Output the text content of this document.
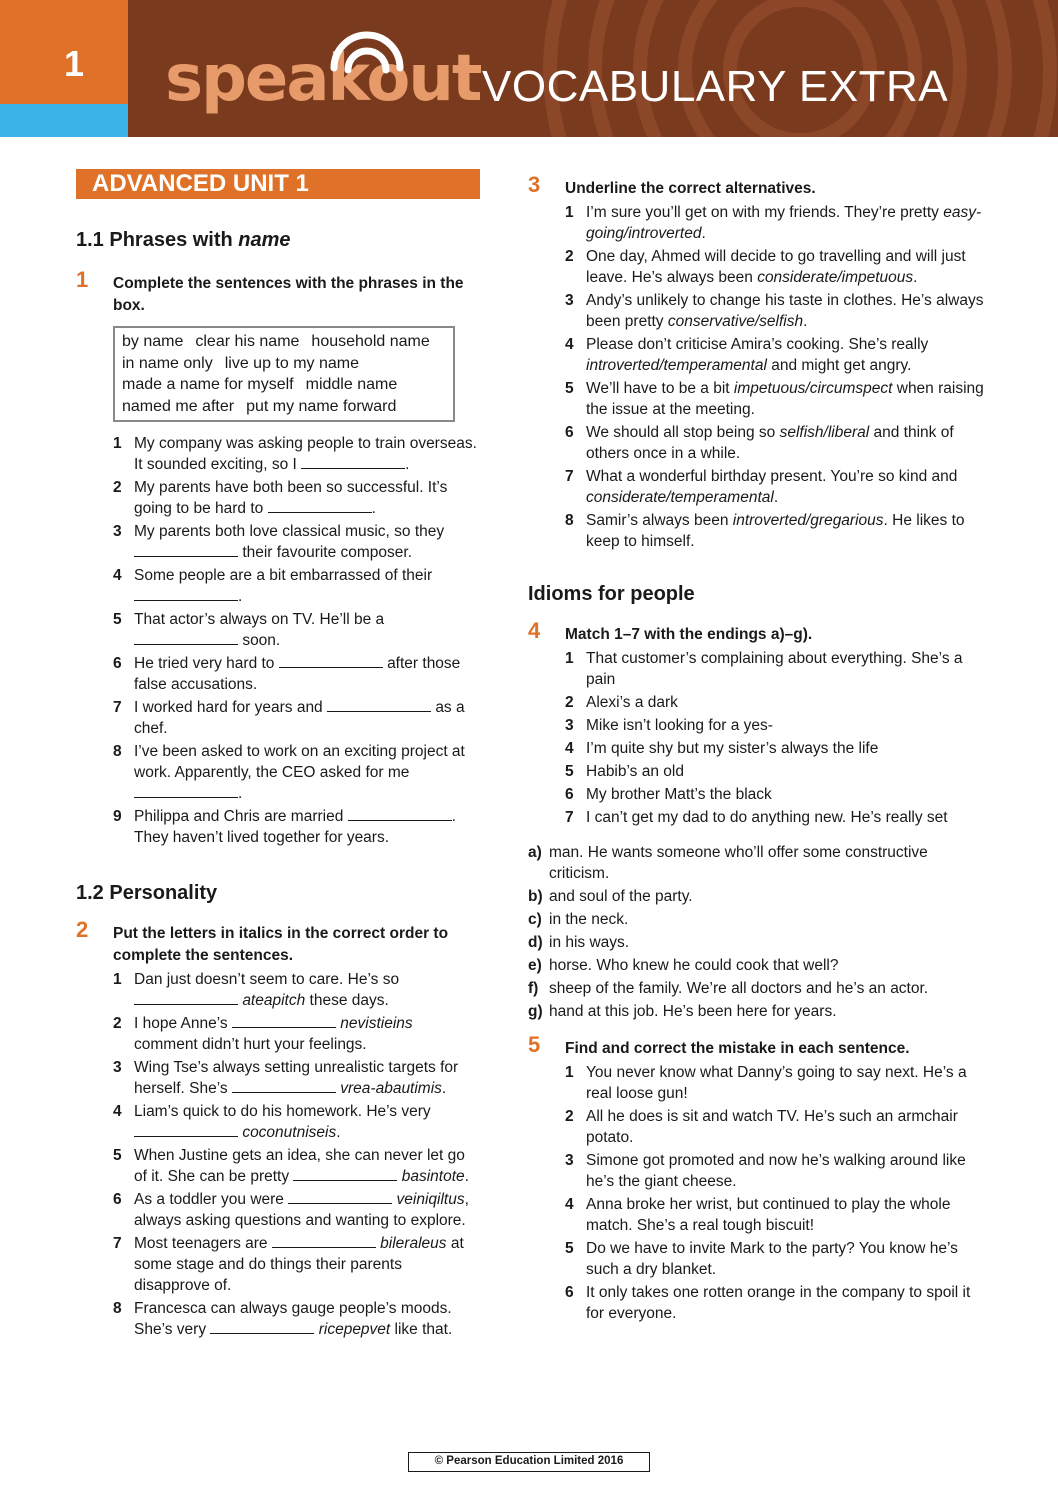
1 speakout VOCABULARY EXTRA
ADVANCED UNIT 1
1.1 Phrases with name
1	Complete the sentences with the phrases in the box.
by name clear his name household name
in name only live up to my name
made a name for myself middle name
named me after put my name forward
1 My company was asking people to train overseas. It sounded exciting, so I	.
2 My parents have both been so successful. It’s going to be hard to	.
3 My parents both love classical music, so they  their favourite composer.
4 Some people are a bit embarrassed of their .
5 That actor’s always on TV. He’ll be a  soon.
6 He tried very hard to	after those false accusations.
7 I worked hard for years and	as a chef.
8 I’ve been asked to work on an exciting project at work. Apparently, the CEO asked for me .
9 Philippa and Chris are married	. They haven’t lived together for years.
1.2 Personality
2	Put the letters in italics in the correct order to complete the sentences.
1 Dan just doesn’t seem to care. He’s so  ateapitch these days.
2 I hope Anne’s	nevistieins comment didn’t hurt your feelings.
3 Wing Tse’s always setting unrealistic targets for herself. She’s	vrea-abautimis.
4 Liam’s quick to do his homework. He’s very  coconutniseis.
5 When Justine gets an idea, she can never let go of it. She can be pretty	basintote.
6 As a toddler you were	veiniqiltus, always asking questions and wanting to explore.
7 Most teenagers are	bileraleus at some stage and do things their parents disapprove of.
8 Francesca can always gauge people’s moods. She’s very	ricepepvet like that.
3	Underline the correct alternatives.
1 I’m sure you’ll get on with my friends. They’re pretty easy-going/introverted.
2 One day, Ahmed will decide to go travelling and will just leave. He’s always been considerate/impetuous.
3 Andy’s unlikely to change his taste in clothes. He’s always been pretty conservative/selfish.
4 Please don’t criticise Amira’s cooking. She’s really introverted/temperamental and might get angry.
5 We’ll have to be a bit impetuous/circumspect when raising the issue at the meeting.
6 We should all stop being so selfish/liberal and think of others once in a while.
7 What a wonderful birthday present. You’re so kind and considerate/temperamental.
8 Samir’s always been introverted/gregarious. He likes to keep to himself.
Idioms for people
4	Match 1–7 with the endings a)–g).
1 That customer’s complaining about everything. She’s a pain
2 Alexi’s a dark
3 Mike isn’t looking for a yes-
4 I’m quite shy but my sister’s always the life
5 Habib’s an old
6 My brother Matt’s the black
7 I can’t get my dad to do anything new. He’s really set
a) man. He wants someone who’ll offer some constructive criticism.
b) and soul of the party.
c) in the neck.
d) in his ways.
e) horse. Who knew he could cook that well?
f) sheep of the family. We’re all doctors and he’s an actor.
g) hand at this job. He’s been here for years.
5	Find and correct the mistake in each sentence.
1 You never know what Danny’s going to say next. He’s a real loose gun!
2 All he does is sit and watch TV. He’s such an armchair potato.
3 Simone got promoted and now he’s walking around like he’s the giant cheese.
4 Anna broke her wrist, but continued to play the whole match. She’s a real tough biscuit!
5 Do we have to invite Mark to the party? You know he’s such a dry blanket.
6 It only takes one rotten orange in the company to spoil it for everyone.
© Pearson Education Limited 2016
